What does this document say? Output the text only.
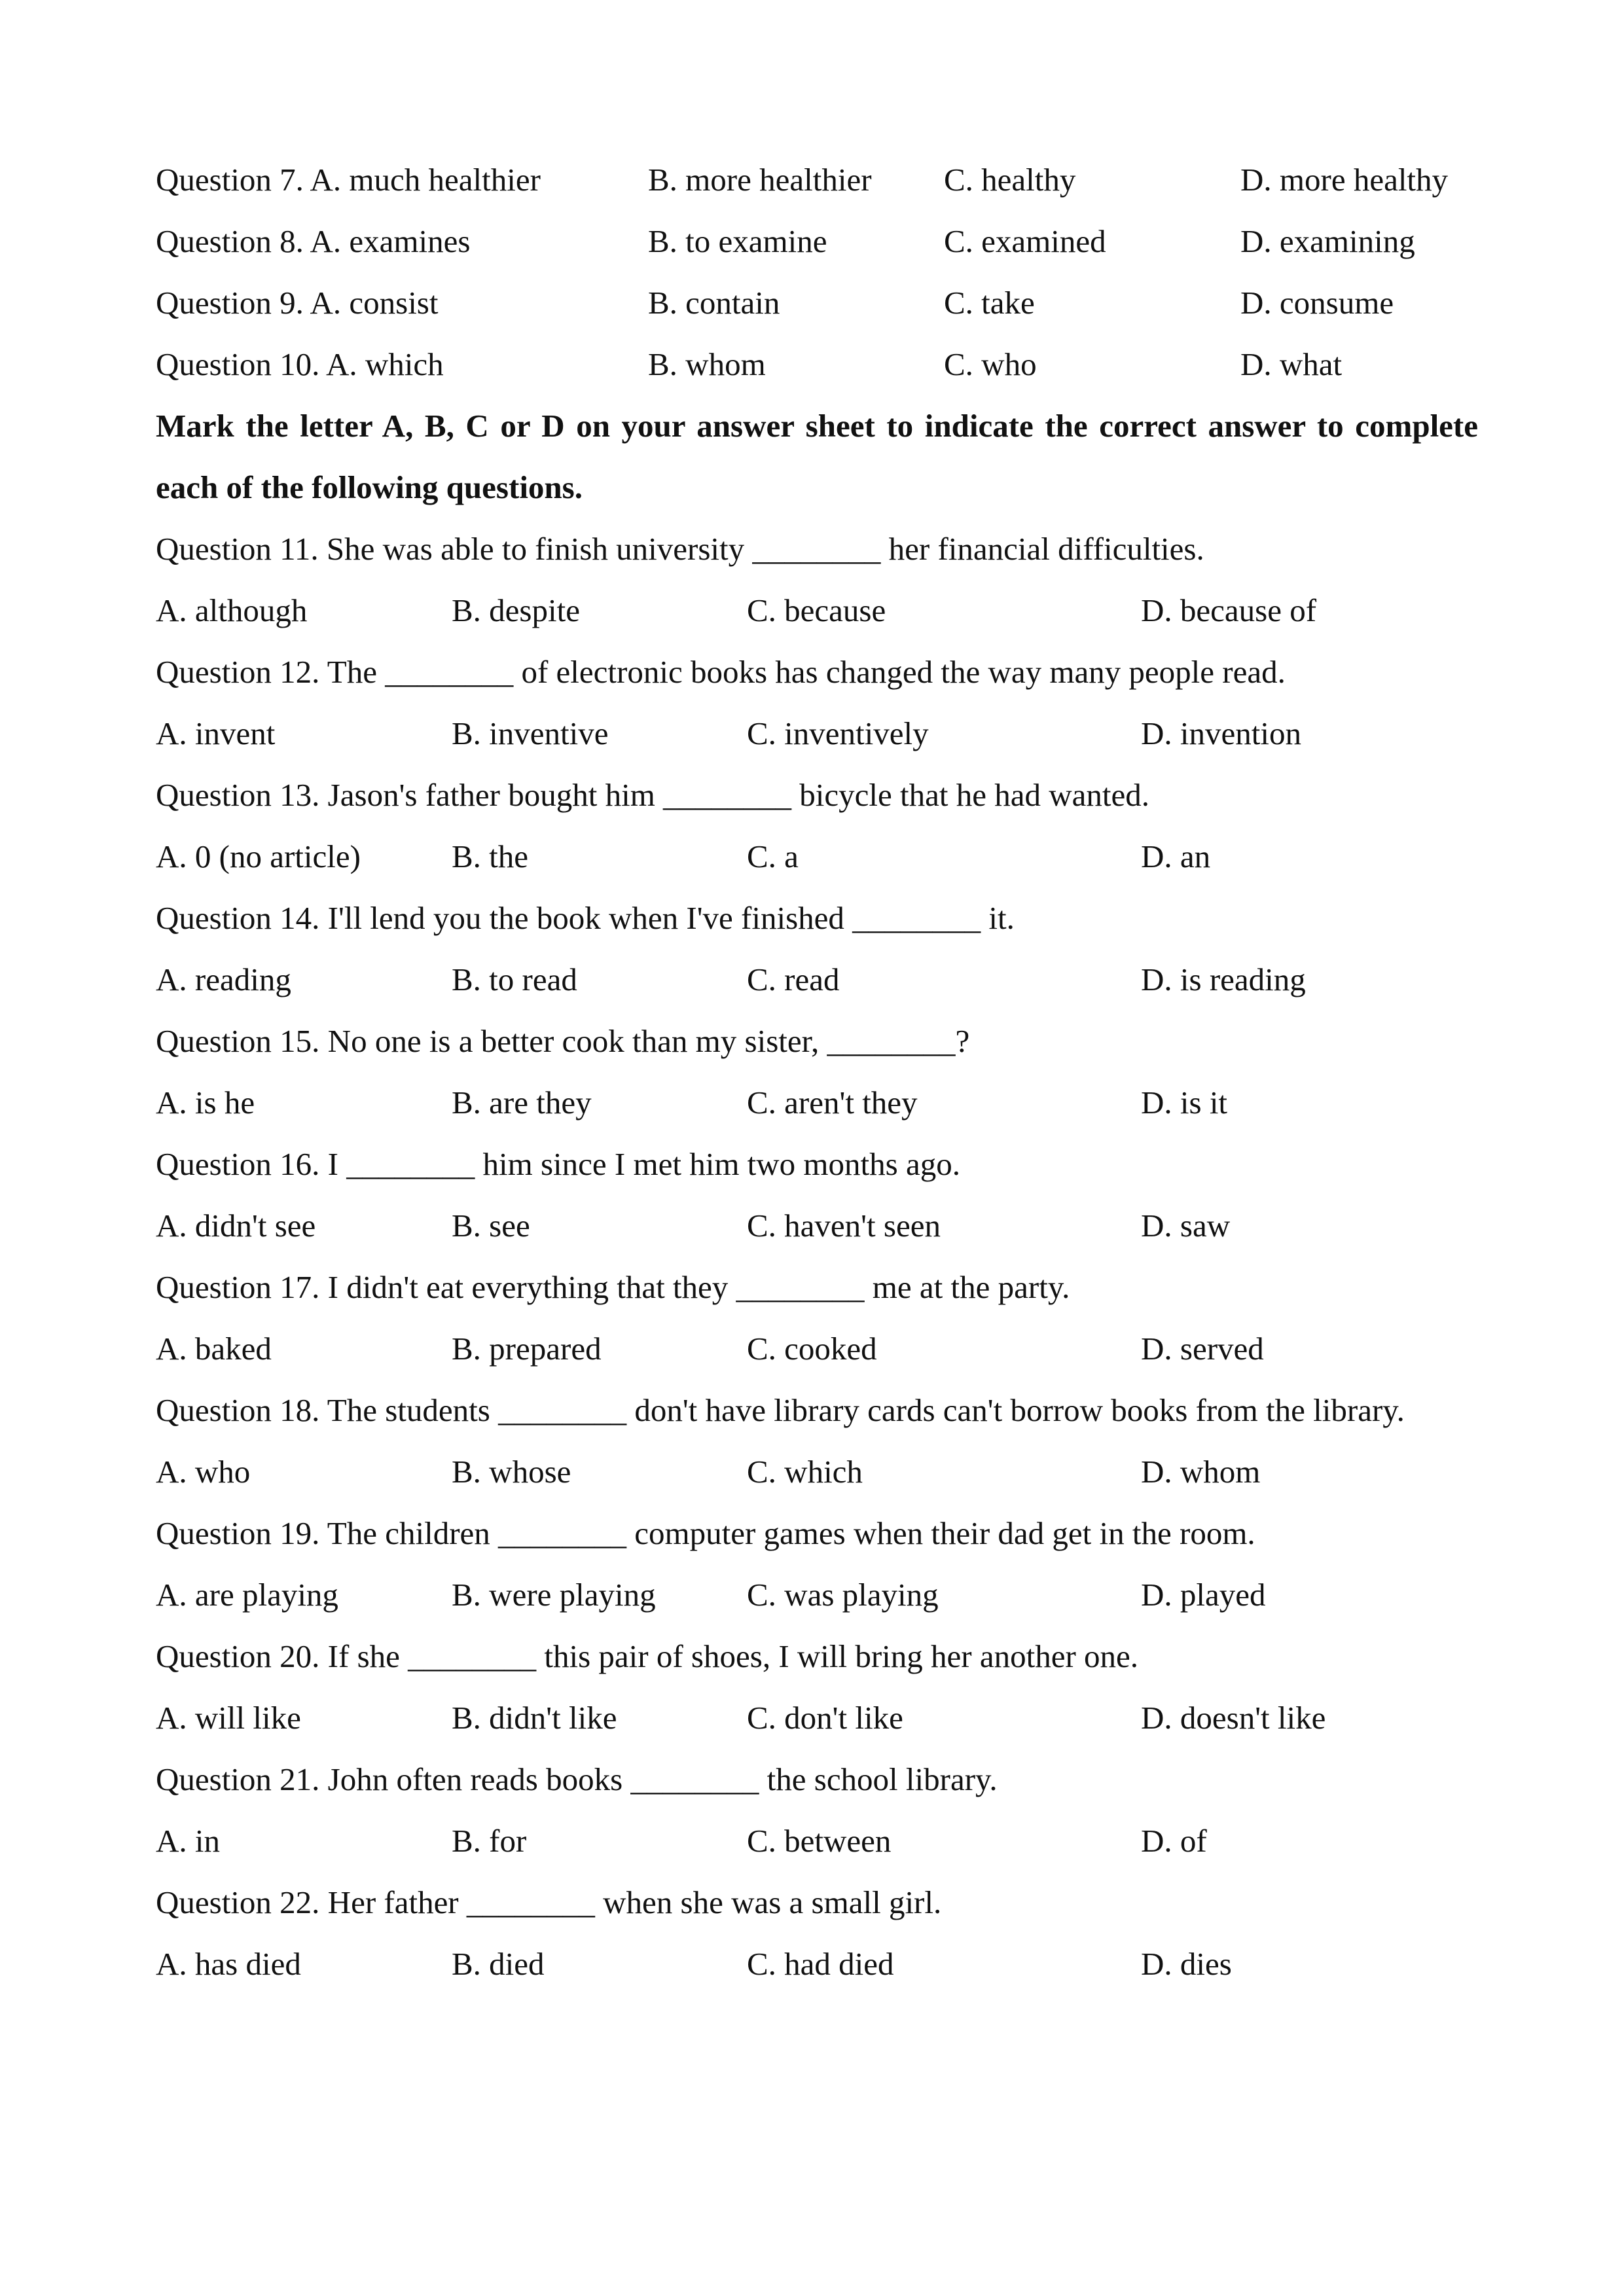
Question 7. A. much healthier	B. more healthier C. healthy	D. more healthy
Question 8. A. examines	B. to examine	C. examined	D. examining
Question 9. A. consist	B. contain	C. take	D. consume
Question 10. A. which	B. whom	C. who	D. what
Mark the letter A, B, C or D on your answer sheet to indicate the correct answer to complete each of the following questions.
Question 11. She was able to finish university ________ her financial difficulties.
A. although	B. despite	C. because	D. because of
Question 12. The ________ of electronic books has changed the way many people read.
A. invent	B. inventive	C. inventively	D. invention
Question 13. Jason's father bought him ________ bicycle that he had wanted.
A. 0 (no article)	B. the	C. a	D. an
Question 14. I'll lend you the book when I've finished ________ it.
A. reading	B. to read	C. read	D. is reading
Question 15. No one is a better cook than my sister, ________?
A. is he	B. are they	C. aren't they	D. is it
Question 16. I ________ him since I met him two months ago.
A. didn't see	B. see	C. haven't seen	D. saw
Question 17. I didn't eat everything that they ________ me at the party.
A. baked	B. prepared	C. cooked	D. served
Question 18. The students ________ don't have library cards can't borrow books from the library.
A. who	B. whose	C. which	D. whom
Question 19. The children ________ computer games when their dad get in the room.
A. are playing	B. were playing	C. was playing	D. played
Question 20. If she ________ this pair of shoes, I will bring her another one.
A. will like	B. didn't like	C. don't like	D. doesn't like
Question 21. John often reads books ________ the school library.
A. in	B. for	C. between	D. of
Question 22. Her father ________ when she was a small girl.
A. has died	B. died	C. had died	D. dies
